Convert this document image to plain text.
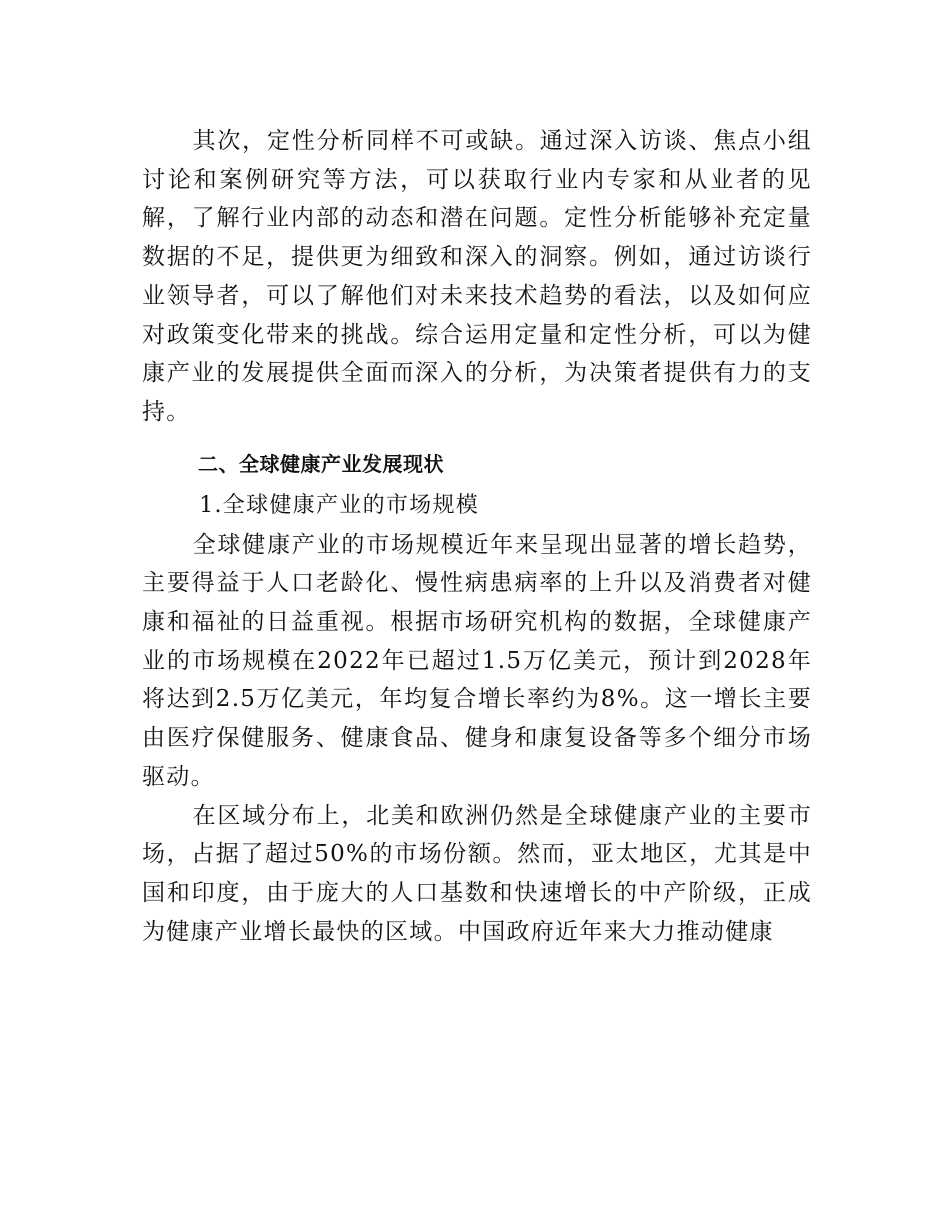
其次，定性分析同样不可或缺。通过深入访谈、焦点小组讨论和案例研究等方法，可以获取行业内专家和从业者的见解，了解行业内部的动态和潜在问题。定性分析能够补充定量数据的不足，提供更为细致和深入的洞察。例如，通过访谈行业领导者，可以了解他们对未来技术趋势的看法，以及如何应对政策变化带来的挑战。综合运用定量和定性分析，可以为健康产业的发展提供全面而深入的分析，为决策者提供有力的支持。

二、全球健康产业发展现状
1.全球健康产业的市场规模

全球健康产业的市场规模近年来呈现出显著的增长趋势，主要得益于人口老龄化、慢性病患病率的上升以及消费者对健康和福祉的日益重视。根据市场研究机构的数据，全球健康产业的市场规模在2022年已超过1.5万亿美元，预计到2028年将达到2.5万亿美元，年均复合增长率约为8%。这一增长主要由医疗保健服务、健康食品、健身和康复设备等多个细分市场驱动。

在区域分布上，北美和欧洲仍然是全球健康产业的主要市场，占据了超过50%的市场份额。然而，亚太地区，尤其是中国和印度，由于庞大的人口基数和快速增长的中产阶级，正成为健康产业增长最快的区域。中国政府近年来大力推动健康
